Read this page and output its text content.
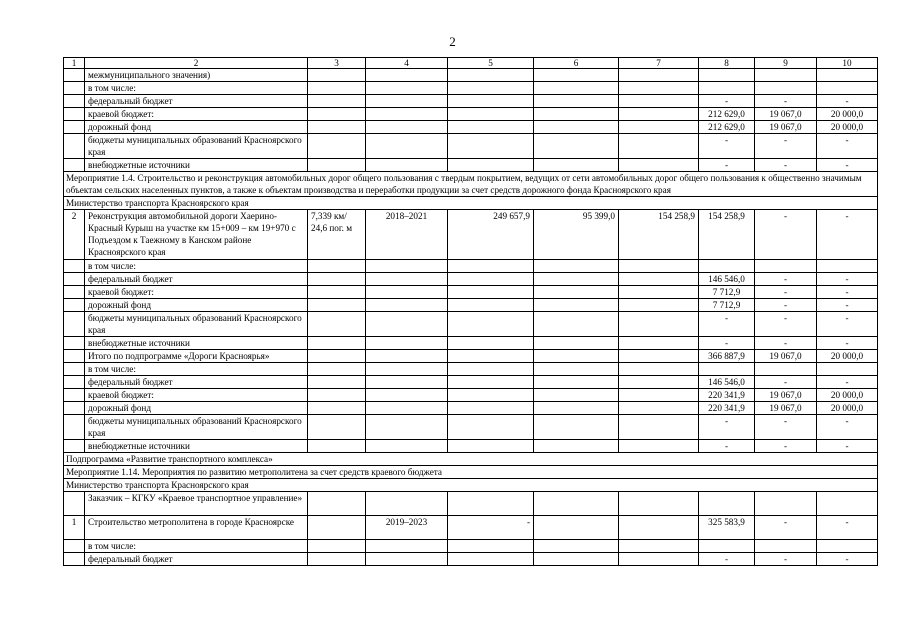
2
1	2	3	4	5	6	7	8	9	10
	межмуниципального значения)								
	в том числе:								
	федеральный бюджет						-	-	-
	краевой бюджет:						212 629,0	19 067,0	20 000,0
	дорожный фонд						212 629,0	19 067,0	20 000,0
	бюджеты муниципальных образований Красноярского края						-	-	-
	внебюджетные источники						-	-	-
Мероприятие 1.4. Строительство и реконструкция автомобильных дорог общего пользования с твердым покрытием, ведущих от сети автомобильных дорог общего пользования к общественно значимым объектам сельских населенных пунктов, а также к объектам производства и переработки продукции за счет средств дорожного фонда Красноярского края									
Министерство транспорта Красноярского края									
2	Реконструкция автомобильной дороги Хаерино-Красный Курыш на участке км 15+009 – км 19+970 с Подъездом к Таежному в Канском районе Красноярского края	7,339 км/ 24,6 пог. м	2018–2021	249 657,9	95 399,0	154 258,9	154 258,9	-	-
	в том числе:								
	федеральный бюджет						146 546,0	-	-
	краевой бюджет:						7 712,9	-	-
	дорожный фонд						7 712,9	-	-
	бюджеты муниципальных образований Красноярского края						-	-	-
	внебюджетные источники						-	-	-
	Итого по подпрограмме «Дороги Красноярья»						366 887,9	19 067,0	20 000,0
	в том числе:								
	федеральный бюджет						146 546,0	-	-
	краевой бюджет:						220 341,9	19 067,0	20 000,0
	дорожный фонд						220 341,9	19 067,0	20 000,0
	бюджеты муниципальных образований Красноярского края						-	-	-
	внебюджетные источники						-	-	-
Подпрограмма «Развитие транспортного комплекса»									
Мероприятие 1.14. Мероприятия по развитию метрополитена за счет средств краевого бюджета									
Министерство транспорта Красноярского края									
	Заказчик – КГКУ «Краевое транспортное управление»								
1	Строительство метрополитена в городе Красноярске		2019–2023	-			325 583,9	-	-
	в том числе:								
	федеральный бюджет						-	-	-
